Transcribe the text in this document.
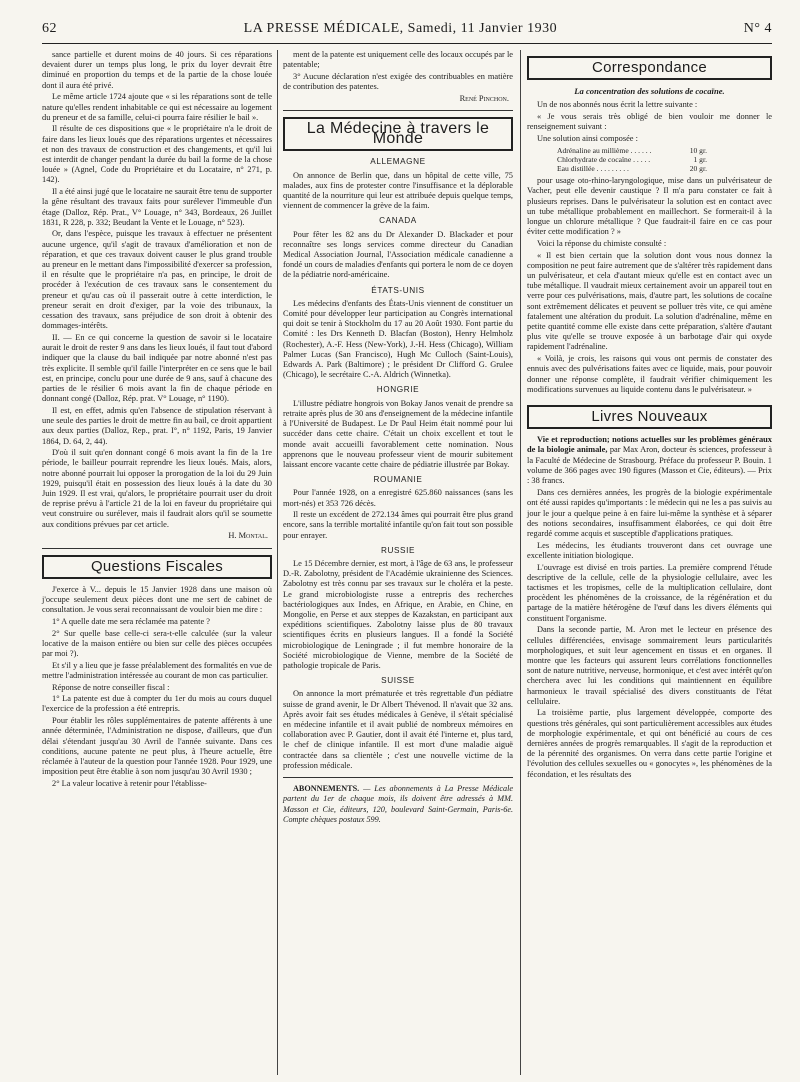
62	LA PRESSE MÉDICALE, Samedi, 11 Janvier 1930	N° 4

sance partielle et durent moins de 40 jours. Si ces réparations devaient durer un temps plus long, le prix du loyer devrait être diminué en proportion du temps et de la partie de la chose louée dont il aura été privé.

Le même article 1724 ajoute que « si les réparations sont de telle nature qu'elles rendent inhabitable ce qui est nécessaire au logement du preneur et de sa famille, celui-ci pourra faire résilier le bail ».

Il résulte de ces dispositions que « le propriétaire n'a le droit de faire dans les lieux loués que des réparations urgentes et nécessaires et non des travaux de construction et des changements, et qu'il lui est interdit de changer pendant la durée du bail la forme de la chose louée » (Agnel, Code du Propriétaire et du Locataire, n° 271, p. 142).

Il a été ainsi jugé que le locataire ne saurait être tenu de supporter la gêne résultant des travaux faits pour surélever l'immeuble d'un étage (Dalloz, Rép. Prat., V° Louage, n° 343, Bordeaux, 26 Juillet 1831, R 228, p. 332; Beudant la Vente et le Louage, n° 523).

Or, dans l'espèce, puisque les travaux à effectuer ne présentent aucune urgence, qu'il s'agit de travaux d'amélioration et non de réparation, et que ces travaux doivent causer le plus grand trouble au preneur en le mettant dans l'impossibilité d'exercer sa profession, il en résulte que le propriétaire n'a pas, en principe, le droit de procéder à l'exécution de ces travaux sans le consentement du preneur et qu'au cas où il passerait outre à cette interdiction, le preneur serait en droit d'exiger, par la voie des tribunaux, la cessation des travaux, sans préjudice de son droit à obtenir des dommages-intérêts.

II. — En ce qui concerne la question de savoir si le locataire aurait le droit de rester 9 ans dans les lieux loués, il faut tout d'abord indiquer que la clause du bail indiquée par notre abonné n'est pas très explicite. Il semble qu'il faille l'interpréter en ce sens que le bail est, en principe, conclu pour une durée de 9 ans, sauf à chacune des parties de le résilier 6 mois avant la fin de chaque période en donnant congé (Dalloz, Rép. prat. V° Louage, n° 1190).

Il est, en effet, admis qu'en l'absence de stipulation réservant à une seule des parties le droit de mettre fin au bail, ce droit appartient aux deux parties (Dalloz, Rep., prat. I°, n° 1192, Paris, 19 Janvier 1864, D. 64, 2, 44).

D'où il suit qu'en donnant congé 6 mois avant la fin de la 1re période, le bailleur pourrait reprendre les lieux loués. Mais, alors, notre abonné pourrait lui opposer la prorogation de la loi du 29 Juin 1929, puisqu'il était en possession des lieux loués à la date du 30 Juin 1929. Il est vrai, qu'alors, le propriétaire pourrait user du droit de reprise prévu à l'article 21 de la loi en faveur du propriétaire qui veut construire ou surélever, mais il faudrait alors qu'il se soumette aux conditions prévues par cet article.

H. Montal.
Questions Fiscales

J'exerce à V... depuis le 15 Janvier 1928 dans une maison où j'occupe seulement deux pièces dont une me sert de cabinet de consultation. Je vous serai reconnaissant de vouloir bien me dire :

1° A quelle date me sera réclamée ma patente ?

2° Sur quelle base celle-ci sera-t-elle calculée (sur la valeur locative de la maison entière ou bien sur celle des pièces occupées par moi ?).

Et s'il y a lieu que je fasse préalablement des formalités en vue de mettre l'administration intéressée au courant de mon cas particulier.

Réponse de notre conseiller fiscal :

1° La patente est due à compter du 1er du mois au cours duquel l'exercice de la profession a été entrepris.

Pour établir les rôles supplémentaires de patente afférents à une année déterminée, l'Administration ne dispose, d'ailleurs, que d'un délai s'étendant jusqu'au 30 Avril de l'année suivante. Dans ces conditions, aucune patente ne peut plus, à l'heure actuelle, être réclamée à l'auteur de la question pour l'année 1928. Pour 1929, une imposition peut être établie à son nom jusqu'au 30 Avril 1930 ;

2° La valeur locative à retenir pour l'établisse-

ment de la patente est uniquement celle des locaux occupés par le patentable;

3° Aucune déclaration n'est exigée des contribuables en matière de contribution des patentes.

René Pinchon.
La Médecine à travers le Monde
ALLEMAGNE

On annonce de Berlin que, dans un hôpital de cette ville, 75 malades, aux fins de protester contre l'insuffisance et la déplorable quantité de la nourriture qui leur est attribuée depuis quelque temps, viennent de commencer la grève de la faim.

CANADA

Pour fêter les 82 ans du Dr Alexander D. Blackader et pour reconnaître ses longs services comme directeur du Canadian Medical Association Journal, l'Association médicale canadienne a fondé un cours de maladies d'enfants qui portera le nom de ce doyen de la pédiatrie nord-américaine.

ÉTATS-UNIS

Les médecins d'enfants des États-Unis viennent de constituer un Comité pour développer leur participation au Congrès international qui doit se tenir à Stockholm du 17 au 20 Août 1930. Font partie du Comité : les Drs Kenneth D. Blacfan (Boston), Henry Helmholz (Rochester), A.-F. Hess (New-York), J.-H. Hess (Chicago), William Palmer Lucas (San Francisco), Hugh Mc Culloch (Saint-Louis), Edwards A. Park (Baltimore) ; le président Dr Clifford G. Grulee (Chicago), le secrétaire C.-A. Aldrich (Winnetka).

HONGRIE

L'illustre pédiatre hongrois von Bokay Janos venait de prendre sa retraite après plus de 30 ans d'enseignement de la médecine infantile à l'Université de Budapest. Le Dr Paul Heim était nommé pour lui succéder dans cette chaire. C'était un choix excellent et tout le monde avait accueilli favorablement cette nomination. Nous apprenons que le nouveau professeur vient de mourir subitement laissant encore vacante cette chaire de pédiatrie illustrée par Bokay.

ROUMANIE

Pour l'année 1928, on a enregistré 625.860 naissances (sans les mort-nés) et 353 726 décès.

Il reste un excédent de 272.134 âmes qui pourrait être plus grand encore, sans la terrible mortalité infantile qu'on fait tout son possible pour enrayer.

RUSSIE

Le 15 Décembre dernier, est mort, à l'âge de 63 ans, le professeur D.-R. Zabolotny, président de l'Académie ukrainienne des Sciences. Zabolotny est très connu par ses travaux sur le choléra et la peste. Le grand microbiologiste russe a entrepris des recherches bactériologiques aux Indes, en Afrique, en Arabie, en Chine, en Mongolie, en Perse et aux steppes de Kazakstan, en participant aux expéditions scientifiques. Zabolotny laisse plus de 80 travaux scientifiques écrits en plusieurs langues. Il a fondé la Société microbiologique de Leningrade ; il fut membre honoraire de la Société microbiologique de Vienne, membre de la Société de pathologie tropicale de Paris.

SUISSE

On annonce la mort prématurée et très regrettable d'un pédiatre suisse de grand avenir, le Dr Albert Thévenod. Il n'avait que 32 ans. Après avoir fait ses études médicales à Genève, il s'était spécialisé en médecine infantile et il avait publié de nombreux mémoires en collaboration avec P. Gautier, dont il avait été l'interne et, plus tard, le chef de clinique infantile. Il est mort d'une maladie aiguë contractée dans sa clientèle ; c'est une nouvelle victime de la profession médicale.

ABONNEMENTS. — Les abonnements à La Presse Médicale partent du 1er de chaque mois, ils doivent être adressés à MM. Masson et Cie, éditeurs, 120, boulevard Saint-Germain, Paris-6e. Compte chèques postaux 599.

Correspondance
La concentration des solutions de cocaïne.

Un de nos abonnés nous écrit la lettre suivante :

« Je vous serais très obligé de bien vouloir me donner le renseignement suivant :

Une solution ainsi composée :

Adrénaline au millième . . . . . .	10 gr.
Chlorhydrate de cocaïne . . . . .	1 gr.
Eau distillée . . . . . . . . .	20 gr.

pour usage oto-rhino-laryngologique, mise dans un pulvérisateur de Vacher, peut elle devenir caustique ? Il m'a paru constater ce fait à plusieurs reprises. Dans le pulvérisateur la solution est en contact avec un tube métallique probablement en maillechort. Se formerait-il à la longue un chlorure métallique ? Que faudrait-il faire en ce cas pour éviter cette modification ? »

Voici la réponse du chimiste consulté :

« Il est bien certain que la solution dont vous nous donnez la composition ne peut faire autrement que de s'altérer très rapidement dans un pulvérisateur, et cela d'autant mieux qu'elle est en contact avec un tube métallique. Il vaudrait mieux certainement avoir un appareil tout en verre pour ces pulvérisations, mais, d'autre part, les solutions de cocaïne sont extrêmement délicates et peuvent se polluer très vite, ce qui amène fatalement une altération du produit. La solution d'adrénaline, même en petite quantité comme elle existe dans cette préparation, s'altère d'autant plus vite qu'elle se trouve exposée à un barbotage d'air qui oxyde rapidement l'adrénaline.

« Voilà, je crois, les raisons qui vous ont permis de constater des ennuis avec des pulvérisations faites avec ce liquide, mais, pour pouvoir donner une réponse complète, il faudrait vérifier chimiquement les modifications survenues au liquide contenu dans le pulvérisateur. »

Livres Nouveaux

Vie et reproduction; notions actuelles sur les problèmes généraux de la biologie animale, par Max Aron, docteur ès sciences, professeur à la Faculté de Médecine de Strasbourg. Préface du professeur P. Bouin. 1 volume de 366 pages avec 190 figures (Masson et Cie, éditeurs). — Prix : 38 francs.

Dans ces dernières années, les progrès de la biologie expérimentale ont été aussi rapides qu'importants : le médecin qui ne les a pas suivis au jour le jour a quelque peine à en faire lui-même la synthèse et à séparer des notions secondaires, insuffisamment élaborées, ce qui doit être regardé comme acquis et susceptible d'applications pratiques.

Les médecins, les étudiants trouveront dans cet ouvrage une excellente initiation biologique.

L'ouvrage est divisé en trois parties. La première comprend l'étude descriptive de la cellule, celle de la physiologie cellulaire, avec les tactismes et les tropismes, celle de la multiplication cellulaire, dont procèdent les phénomènes de la croissance, de la régénération et du partage de la matière hétérogène de l'œuf dans les divers éléments qui constituent l'organisme.

Dans la seconde partie, M. Aron met le lecteur en présence des cellules différenciées, envisage sommairement leurs particularités morphologiques, et suit leur agencement en tissus et en organes. Il montre que les facteurs qui assurent leurs corrélations fonctionnelles sont de nature nutritive, nerveuse, hormonique, et c'est avec intérêt qu'on cherchera avec lui les conditions qui maintiennent en équilibre harmonieux le travail spécialisé des divers constituants de l'état cellulaire.

La troisième partie, plus largement développée, comporte des questions très générales, qui sont particulièrement accessibles aux études de morphologie expérimentale, et qui ont bénéficié au cours de ces dernières années de progrès remarquables. Il s'agit de la reproduction et de la pérennité des organismes. On verra dans cette partie l'origine et l'évolution des cellules sexuelles ou « gonocytes », les phénomènes de la fécondation, et les résultats des
